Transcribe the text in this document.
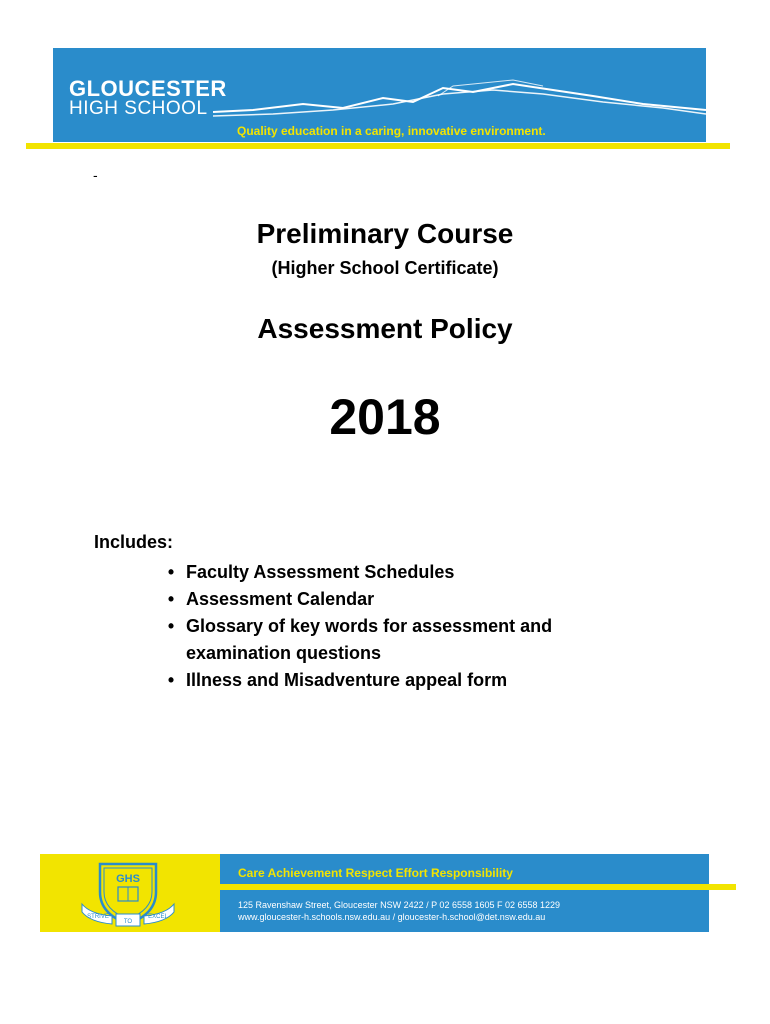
GLOUCESTER
HIGH SCHOOL
Quality education in a caring, innovative environment.
-
Preliminary Course
(Higher School Certificate)
Assessment Policy
2018
Includes:
• Faculty Assessment Schedules
• Assessment Calendar
• Glossary of key words for assessment and examination questions
• Illness and Misadventure appeal form
GHS
STRIVE
TO
EXCEL
Care Achievement Respect Effort Responsibility
125 Ravenshaw Street, Gloucester NSW 2422 / P 02 6558 1605 F 02 6558 1229
www.gloucester-h.schools.nsw.edu.au / gloucester-h.school@det.nsw.edu.au
